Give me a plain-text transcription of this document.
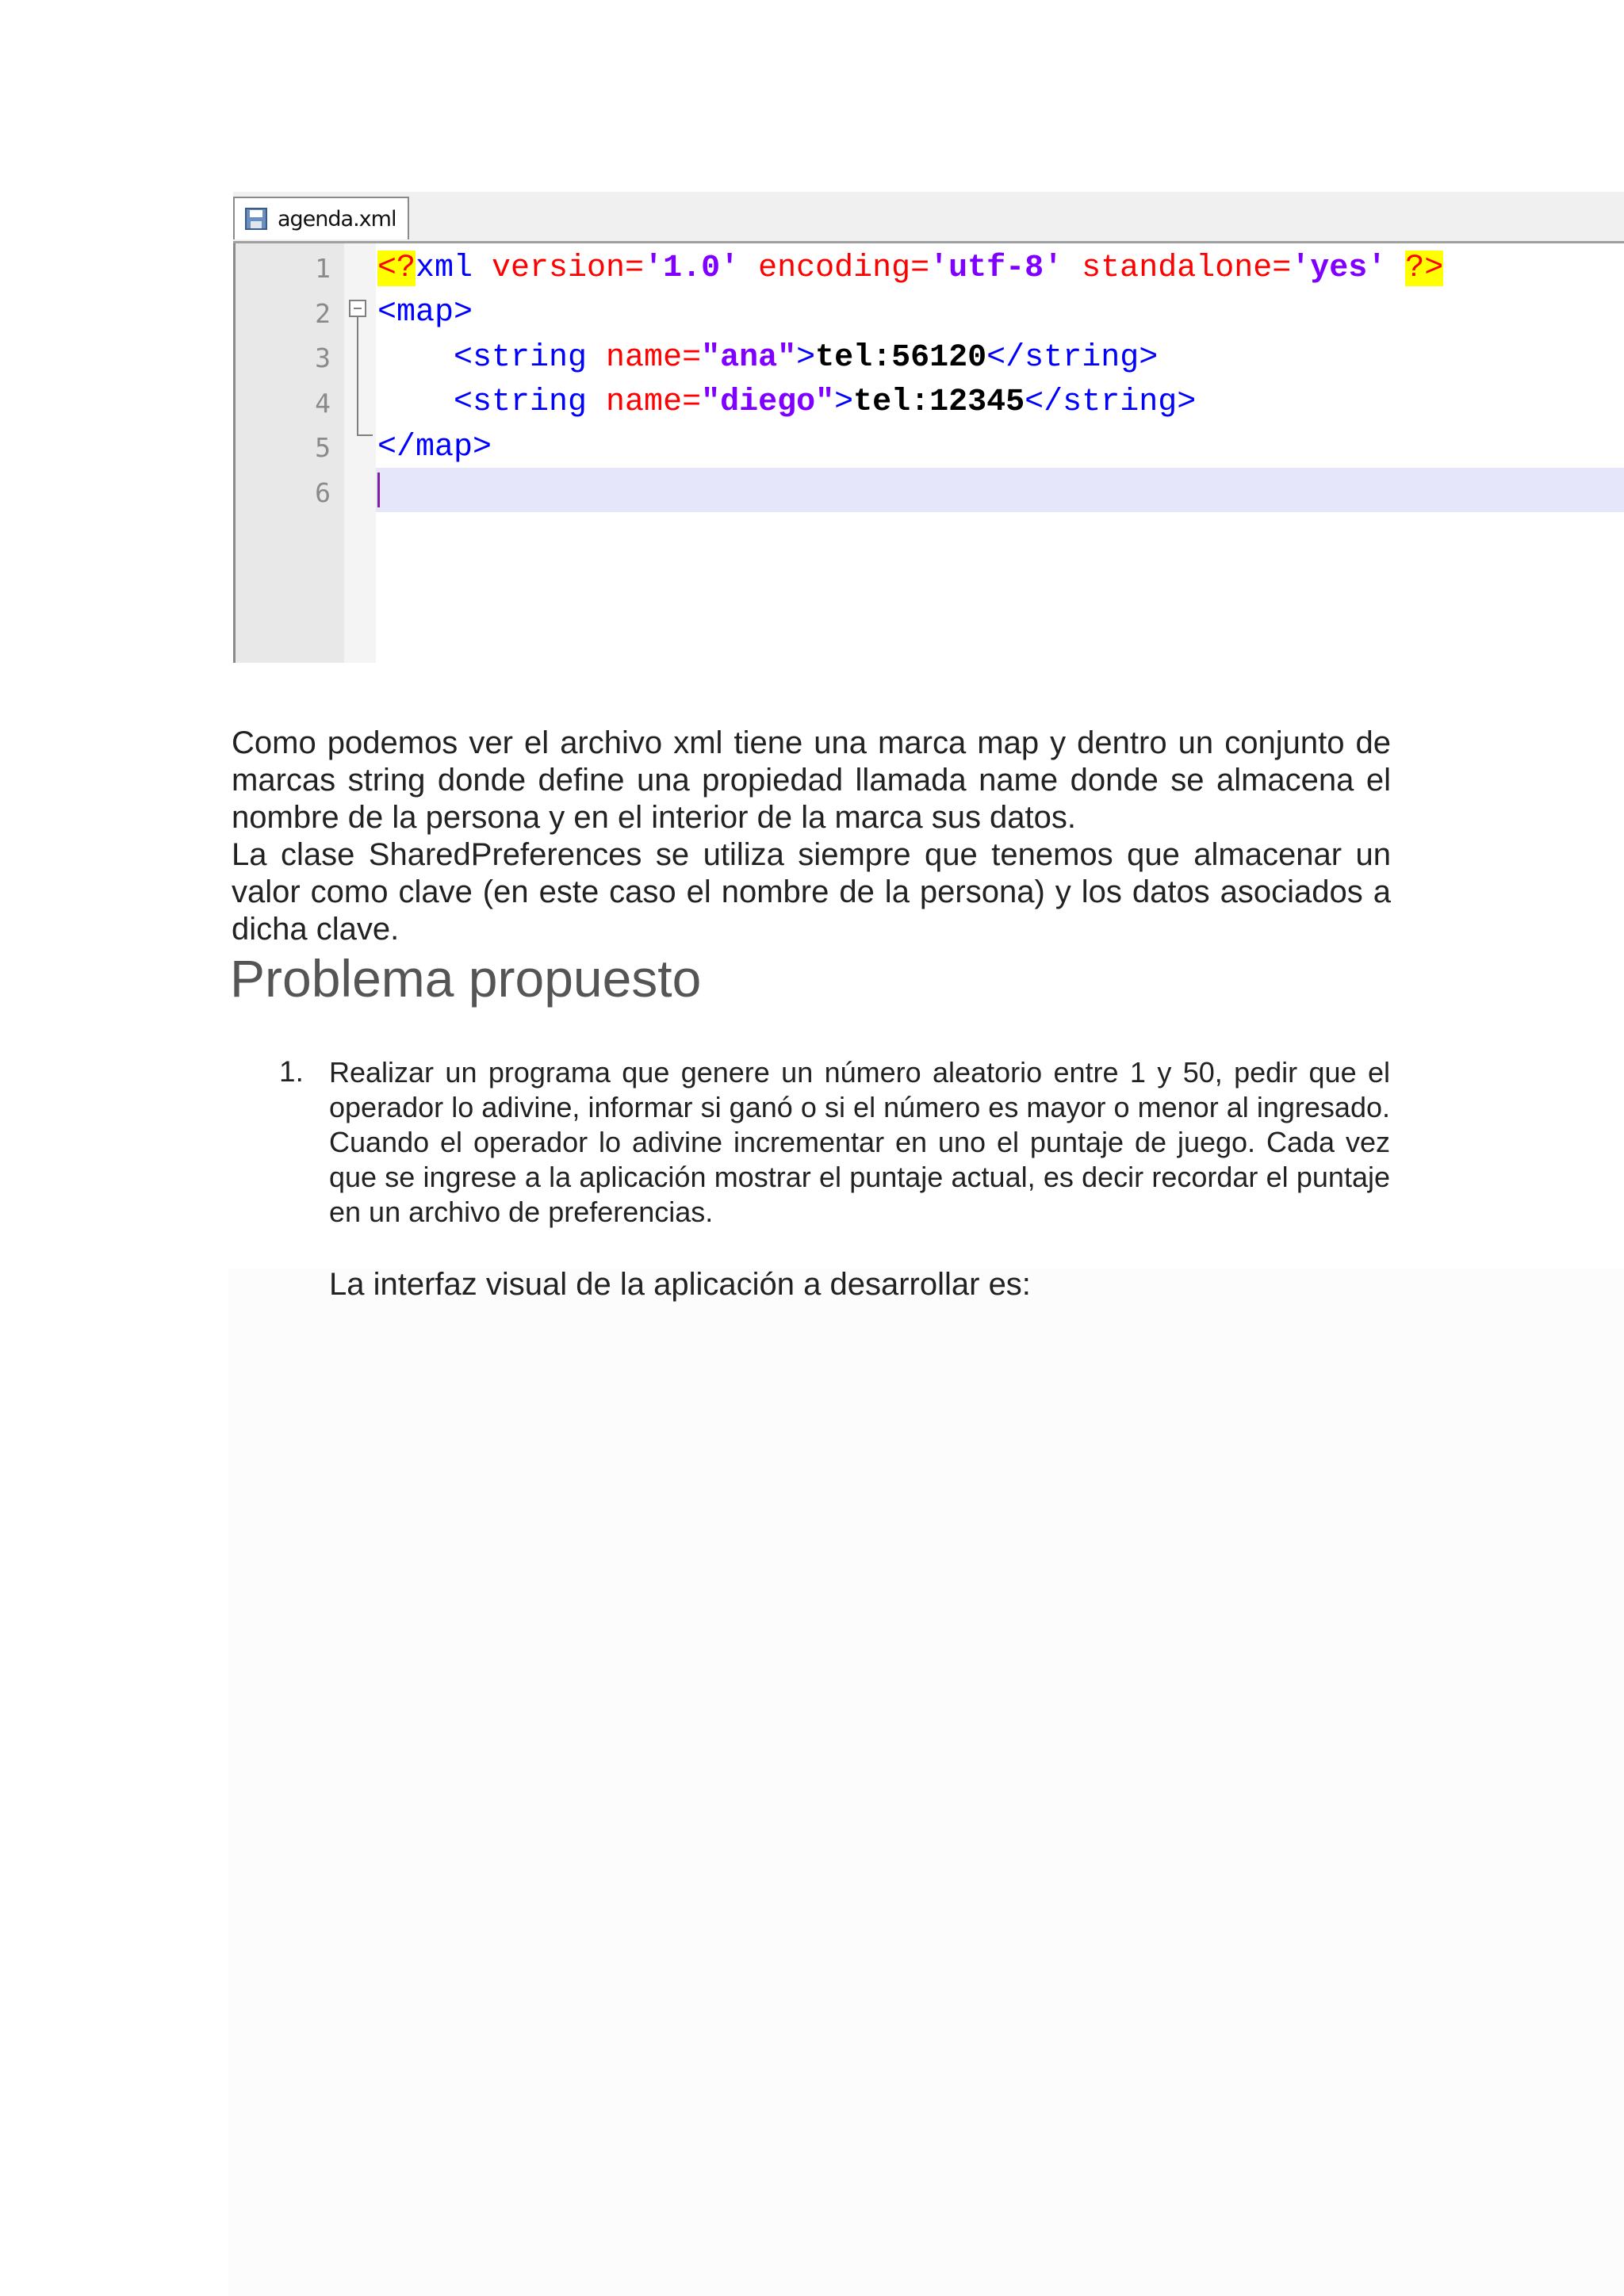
agenda.xml
1
2
3
4
5
6
<?xml version='1.0' encoding='utf-8' standalone='yes' ?>
<map>
<string name="ana">tel:56120</string>
<string name="diego">tel:12345</string>
</map>

Como podemos ver el archivo xml tiene una marca map y dentro un conjunto de marcas string donde define una propiedad llamada name donde se almacena el nombre de la persona y en el interior de la marca sus datos.

La clase SharedPreferences se utiliza siempre que tenemos que almacenar un valor como clave (en este caso el nombre de la persona) y los datos asociados a dicha clave.

Problema propuesto
1. Realizar un programa que genere un número aleatorio entre 1 y 50, pedir que el operador lo adivine, informar si ganó o si el número es mayor o menor al ingresado. Cuando el operador lo adivine incrementar en uno el puntaje de juego. Cada vez que se ingrese a la aplicación mostrar el puntaje actual, es decir recordar el puntaje en un archivo de preferencias.

La interfaz visual de la aplicación a desarrollar es:
